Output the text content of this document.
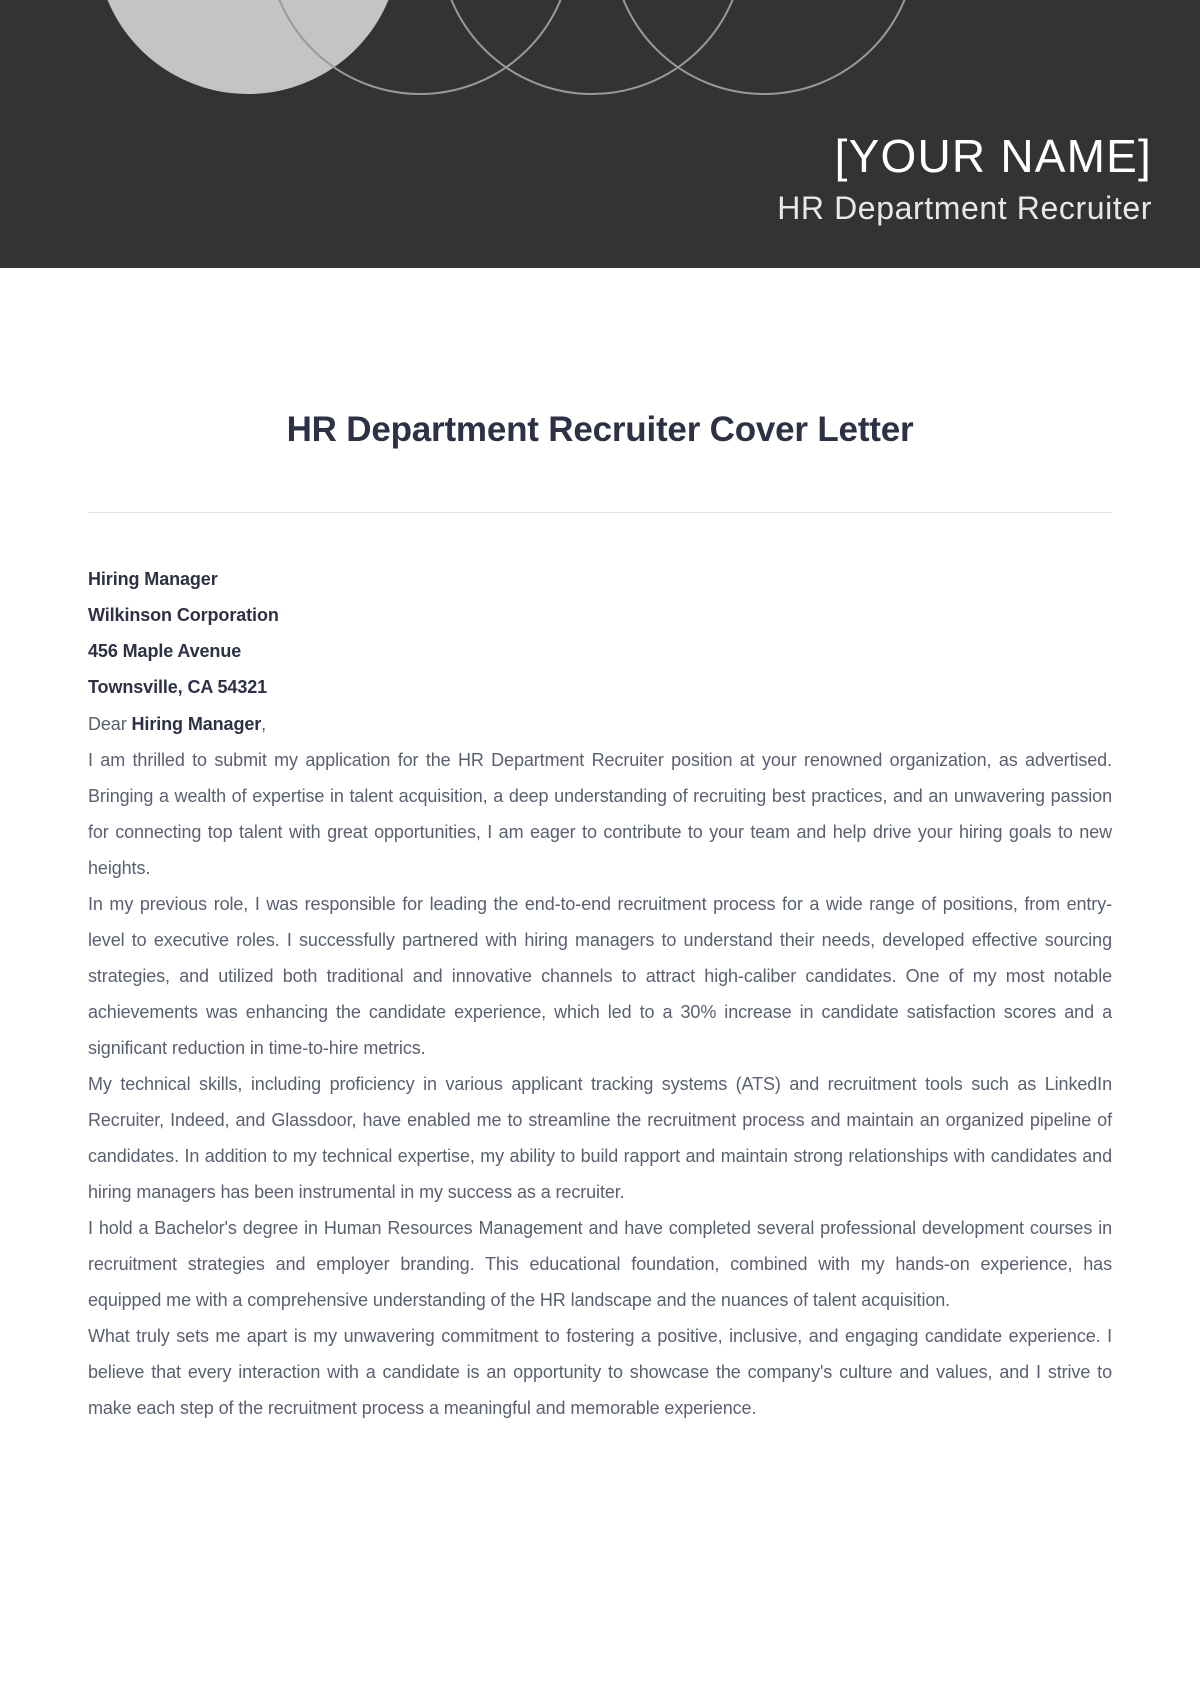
[YOUR NAME]
HR Department Recruiter
HR Department Recruiter Cover Letter
Hiring Manager
Wilkinson Corporation
456 Maple Avenue
Townsville, CA 54321
Dear Hiring Manager,

I am thrilled to submit my application for the HR Department Recruiter position at your renowned organization, as advertised. Bringing a wealth of expertise in talent acquisition, a deep understanding of recruiting best practices, and an unwavering passion for connecting top talent with great opportunities, I am eager to contribute to your team and help drive your hiring goals to new heights.

In my previous role, I was responsible for leading the end-to-end recruitment process for a wide range of positions, from entry-level to executive roles. I successfully partnered with hiring managers to understand their needs, developed effective sourcing strategies, and utilized both traditional and innovative channels to attract high-caliber candidates. One of my most notable achievements was enhancing the candidate experience, which led to a 30% increase in candidate satisfaction scores and a significant reduction in time-to-hire metrics.

My technical skills, including proficiency in various applicant tracking systems (ATS) and recruitment tools such as LinkedIn Recruiter, Indeed, and Glassdoor, have enabled me to streamline the recruitment process and maintain an organized pipeline of candidates. In addition to my technical expertise, my ability to build rapport and maintain strong relationships with candidates and hiring managers has been instrumental in my success as a recruiter.

I hold a Bachelor's degree in Human Resources Management and have completed several professional development courses in recruitment strategies and employer branding. This educational foundation, combined with my hands-on experience, has equipped me with a comprehensive understanding of the HR landscape and the nuances of talent acquisition.

What truly sets me apart is my unwavering commitment to fostering a positive, inclusive, and engaging candidate experience. I believe that every interaction with a candidate is an opportunity to showcase the company's culture and values, and I strive to make each step of the recruitment process a meaningful and memorable experience.
